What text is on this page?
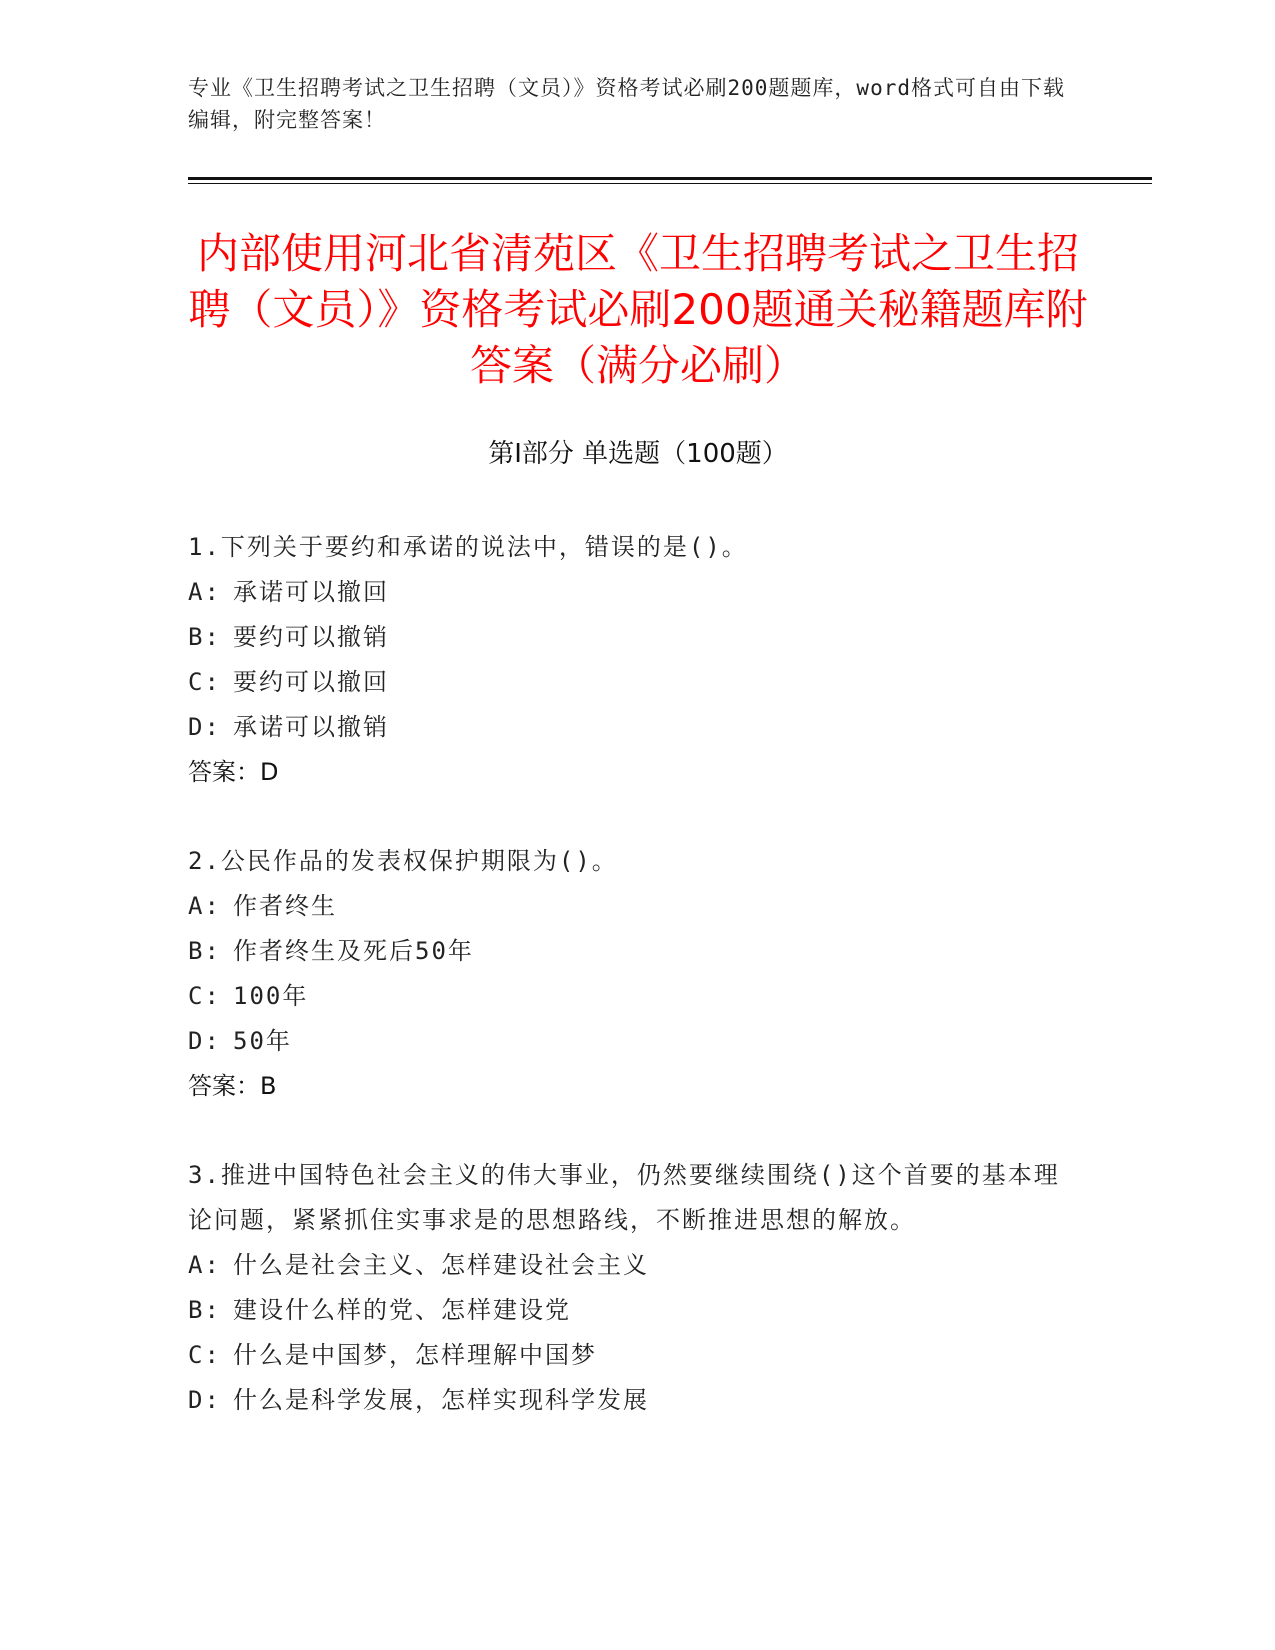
专业《卫生招聘考试之卫生招聘（文员）》资格考试必刷200题题库，word格式可自由下载编辑，附完整答案！
内部使用河北省清苑区《卫生招聘考试之卫生招聘（文员）》资格考试必刷200题通关秘籍题库附答案（满分必刷）
第Ⅰ部分 单选题（100题）
1.下列关于要约和承诺的说法中，错误的是()。
A: 承诺可以撤回
B: 要约可以撤销
C: 要约可以撤回
D: 承诺可以撤销
答案：D
2.公民作品的发表权保护期限为()。
A: 作者终生
B: 作者终生及死后50年
C: 100年
D: 50年
答案：B
3.推进中国特色社会主义的伟大事业，仍然要继续围绕()这个首要的基本理论问题，紧紧抓住实事求是的思想路线，不断推进思想的解放。
A: 什么是社会主义、怎样建设社会主义
B: 建设什么样的党、怎样建设党
C: 什么是中国梦，怎样理解中国梦
D: 什么是科学发展，怎样实现科学发展
